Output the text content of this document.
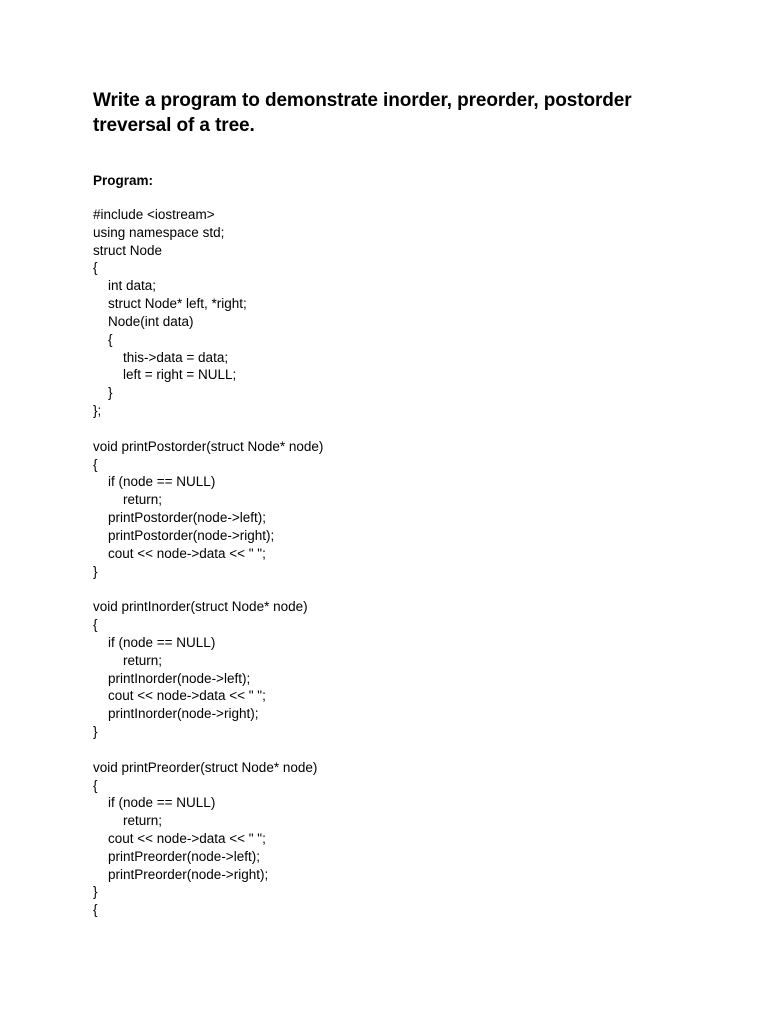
Write a program to demonstrate inorder, preorder, postorder treversal of a tree.

Program:

#include <iostream>
using namespace std;
struct Node
{
int data;
struct Node* left, *right;
Node(int data)
{
this->data = data;
left = right = NULL;
}
};
void printPostorder(struct Node* node)
{
if (node == NULL)
return;
printPostorder(node->left);
printPostorder(node->right);
cout << node->data << " ";
}
void printInorder(struct Node* node)
{
if (node == NULL)
return;
printInorder(node->left);
cout << node->data << " ";
printInorder(node->right);
}
void printPreorder(struct Node* node)
{
if (node == NULL)
return;
cout << node->data << " ";
printPreorder(node->left);
printPreorder(node->right);
}
{
